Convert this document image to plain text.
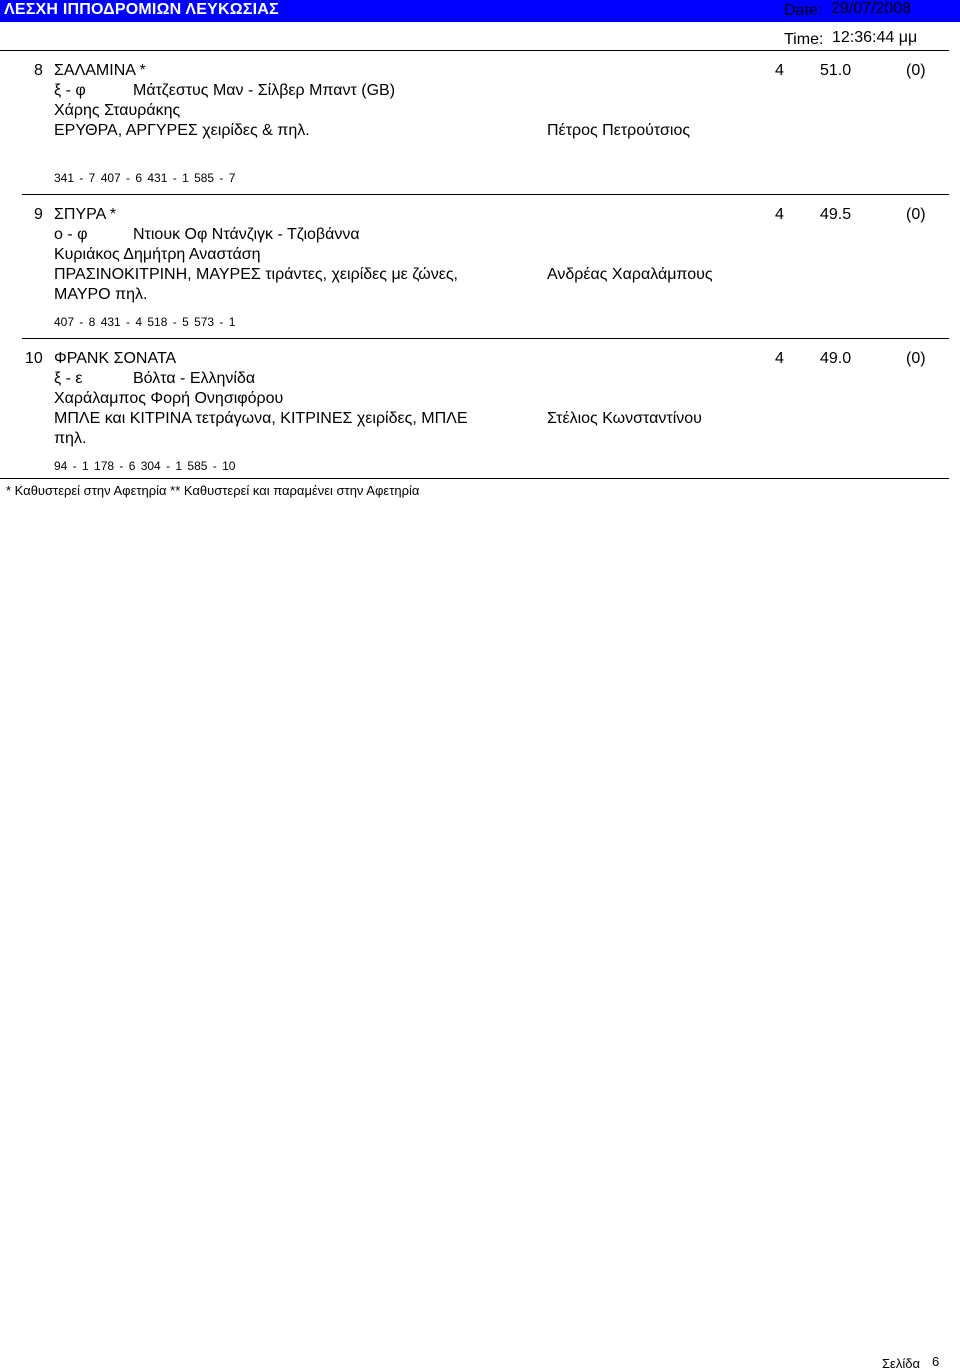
ΛΕΣΧΗ ΙΠΠΟΔΡΟΜΙΩΝ ΛΕΥΚΩΣΙΑΣ	Date: 29/07/2008
Time: 12:36:44 μμ
8 ΣΑΛΑΜΙΝΑ *
ξ - φ	Μάτζεστυς Μαν - Σίλβερ Μπαντ (GB)
Χάρης Σταυράκης
ΕΡΥΘΡΑ, ΑΡΓΥΡΕΣ χειρίδες & πηλ.	Πέτρος Πετρούτσιος
4 51.0	(0)
341 - 7 407 - 6 431 - 1 585 - 7
9 ΣΠΥΡΑ *
ο - φ	Ντιουκ Οφ Ντάνζιγκ - Τζιοβάννα
Κυριάκος Δημήτρη Αναστάση
ΠΡΑΣΙΝΟΚΙΤΡΙΝΗ, ΜΑΥΡΕΣ τιράντες, χειρίδες με ζώνες,
ΜΑΥΡΟ πηλ.
Ανδρέας Χαραλάμπους
4 49.5	(0)
407 - 8 431 - 4 518 - 5 573 - 1
10 ΦΡΑΝΚ ΣΟΝΑΤΑ
ξ - ε	Βόλτα - Ελληνίδα
Χαράλαμπος Φορή Ονησιφόρου
ΜΠΛΕ και ΚΙΤΡΙΝΑ τετράγωνα, ΚΙΤΡΙΝΕΣ χειρίδες, ΜΠΛΕ
πηλ.
Στέλιος Κωνσταντίνου
4 49.0	(0)
94 - 1 178 - 6 304 - 1 585 - 10
* Καθυστερεί στην Αφετηρία ** Καθυστερεί και παραμένει στην Αφετηρία
Σελίδα 6
